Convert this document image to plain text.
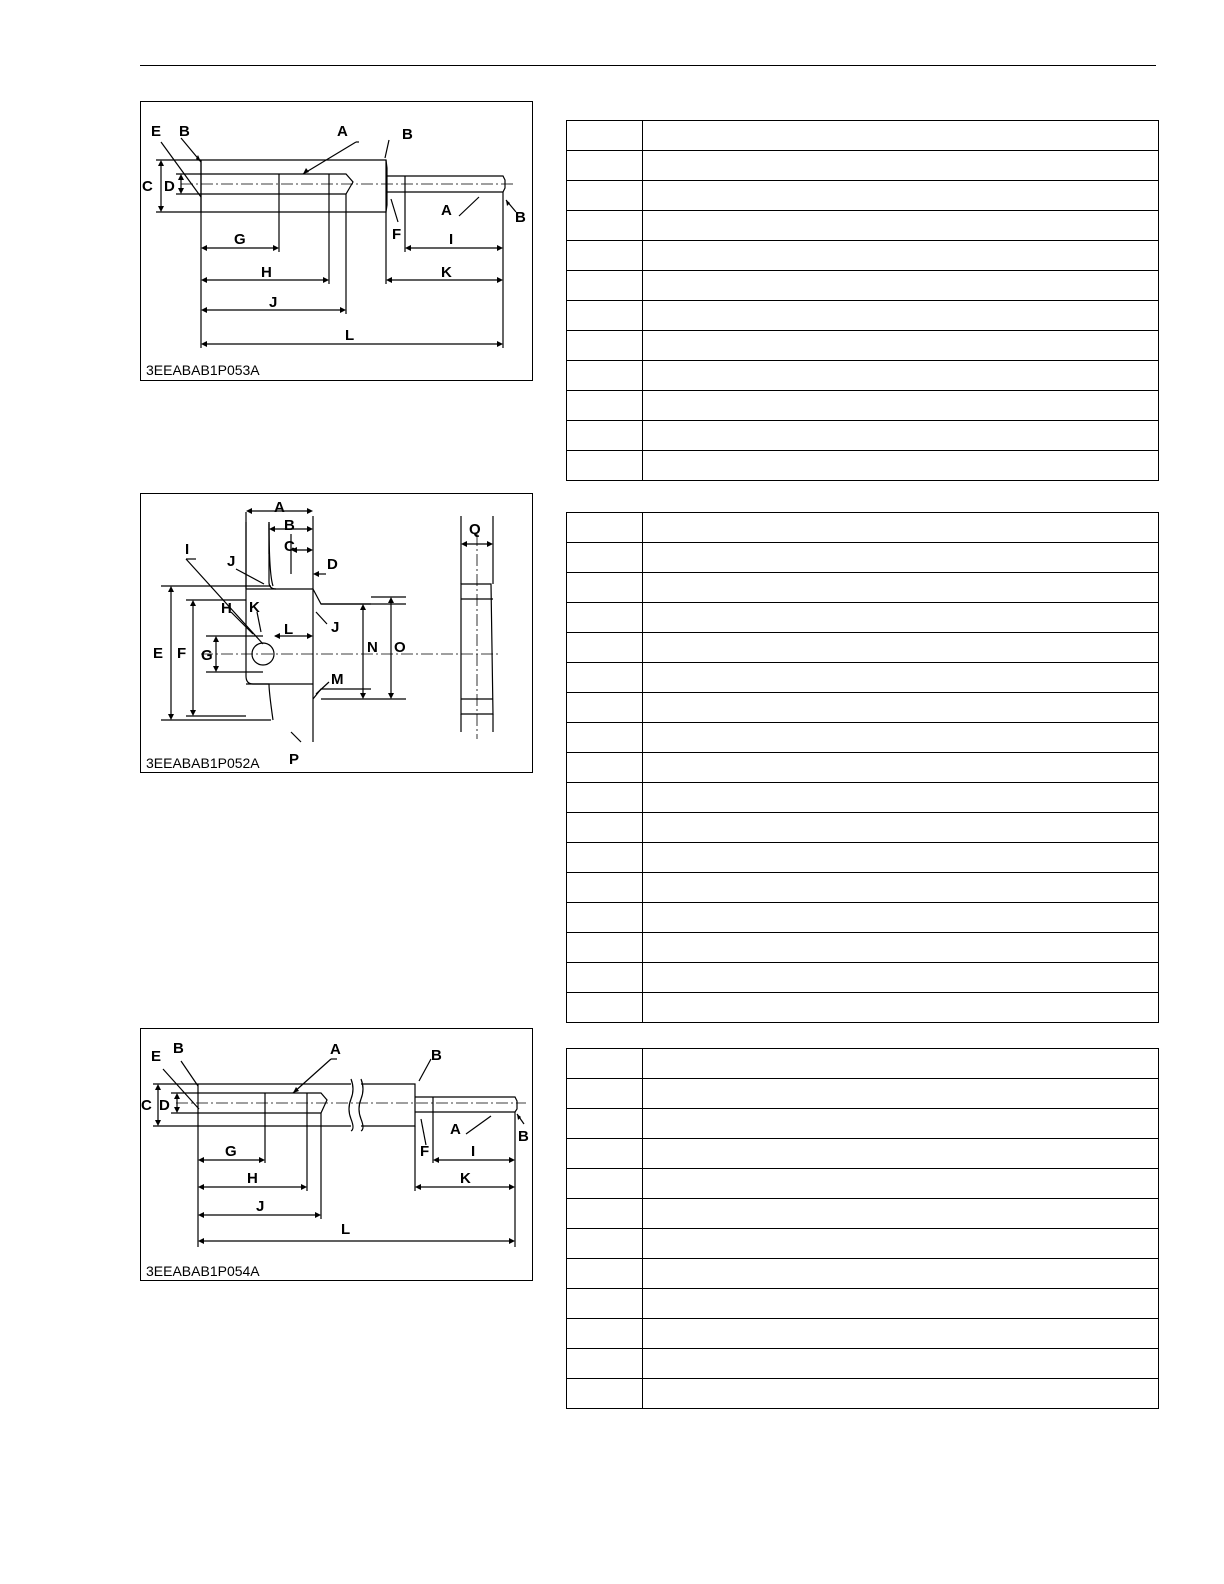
E B	A	B
C D
A	B
F
G	I
H	K
J
L
3EEABAB1P053A

A
B
C
D
Q
I
J
H K
L	J
E F G	N O
M
P
3EEABAB1P052A

B
E	A	B
C D
A	B
F
G	I
H	K
J
L
3EEABAB1P054A
